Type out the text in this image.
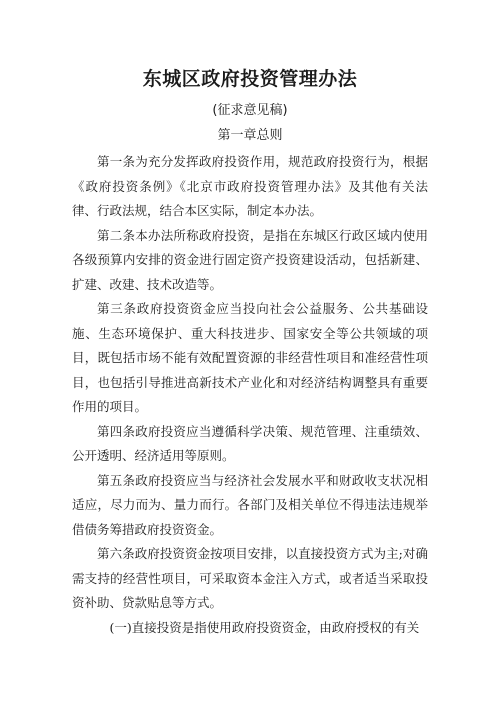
东城区政府投资管理办法
(征求意见稿)
第一章总则

第一条为充分发挥政府投资作用，规范政府投资行为，根据《政府投资条例》《北京市政府投资管理办法》及其他有关法律、行政法规，结合本区实际，制定本办法。

第二条本办法所称政府投资，是指在东城区行政区域内使用各级预算内安排的资金进行固定资产投资建设活动，包括新建、扩建、改建、技术改造等。

第三条政府投资资金应当投向社会公益服务、公共基础设施、生态环境保护、重大科技进步、国家安全等公共领域的项目，既包括市场不能有效配置资源的非经营性项目和准经营性项目，也包括引导推进高新技术产业化和对经济结构调整具有重要作用的项目。

第四条政府投资应当遵循科学决策、规范管理、注重绩效、公开透明、经济适用等原则。

第五条政府投资应当与经济社会发展水平和财政收支状况相适应，尽力而为、量力而行。各部门及相关单位不得违法违规举借债务筹措政府投资资金。

第六条政府投资资金按项目安排，以直接投资方式为主;对确需支持的经营性项目，可采取资本金注入方式，或者适当采取投资补助、贷款贴息等方式。

(一)直接投资是指使用政府投资资金，由政府授权的有关
